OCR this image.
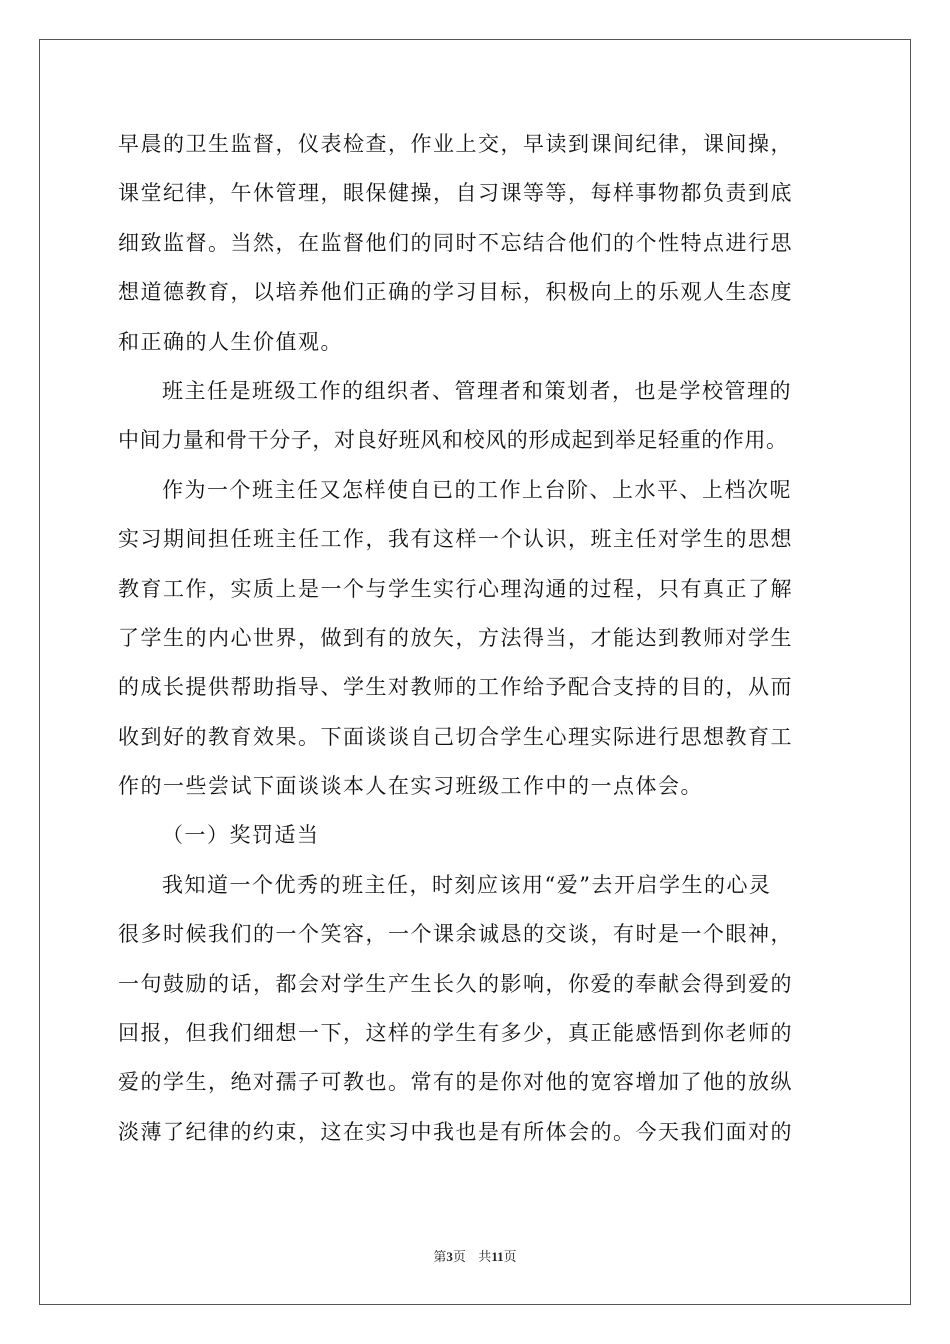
早晨的卫生监督，仪表检查，作业上交，早读到课间纪律，课间操，
课堂纪律，午休管理，眼保健操，自习课等等，每样事物都负责到底
细致监督。当然，在监督他们的同时不忘结合他们的个性特点进行思
想道德教育，以培养他们正确的学习目标，积极向上的乐观人生态度
和正确的人生价值观。
班主任是班级工作的组织者、管理者和策划者，也是学校管理的
中间力量和骨干分子，对良好班风和校风的形成起到举足轻重的作用。
作为一个班主任又怎样使自已的工作上台阶、上水平、上档次呢
实习期间担任班主任工作，我有这样一个认识，班主任对学生的思想
教育工作，实质上是一个与学生实行心理沟通的过程，只有真正了解
了学生的内心世界，做到有的放矢，方法得当，才能达到教师对学生
的成长提供帮助指导、学生对教师的工作给予配合支持的目的，从而
收到好的教育效果。下面谈谈自己切合学生心理实际进行思想教育工
作的一些尝试下面谈谈本人在实习班级工作中的一点体会。
（一）奖罚适当
我知道一个优秀的班主任，时刻应该用“爱”去开启学生的心灵
很多时候我们的一个笑容，一个课余诚恳的交谈，有时是一个眼神，
一句鼓励的话，都会对学生产生长久的影响，你爱的奉献会得到爱的
回报，但我们细想一下，这样的学生有多少，真正能感悟到你老师的
爱的学生，绝对孺子可教也。常有的是你对他的宽容增加了他的放纵
淡薄了纪律的约束，这在实习中我也是有所体会的。今天我们面对的
第3页 共11页
